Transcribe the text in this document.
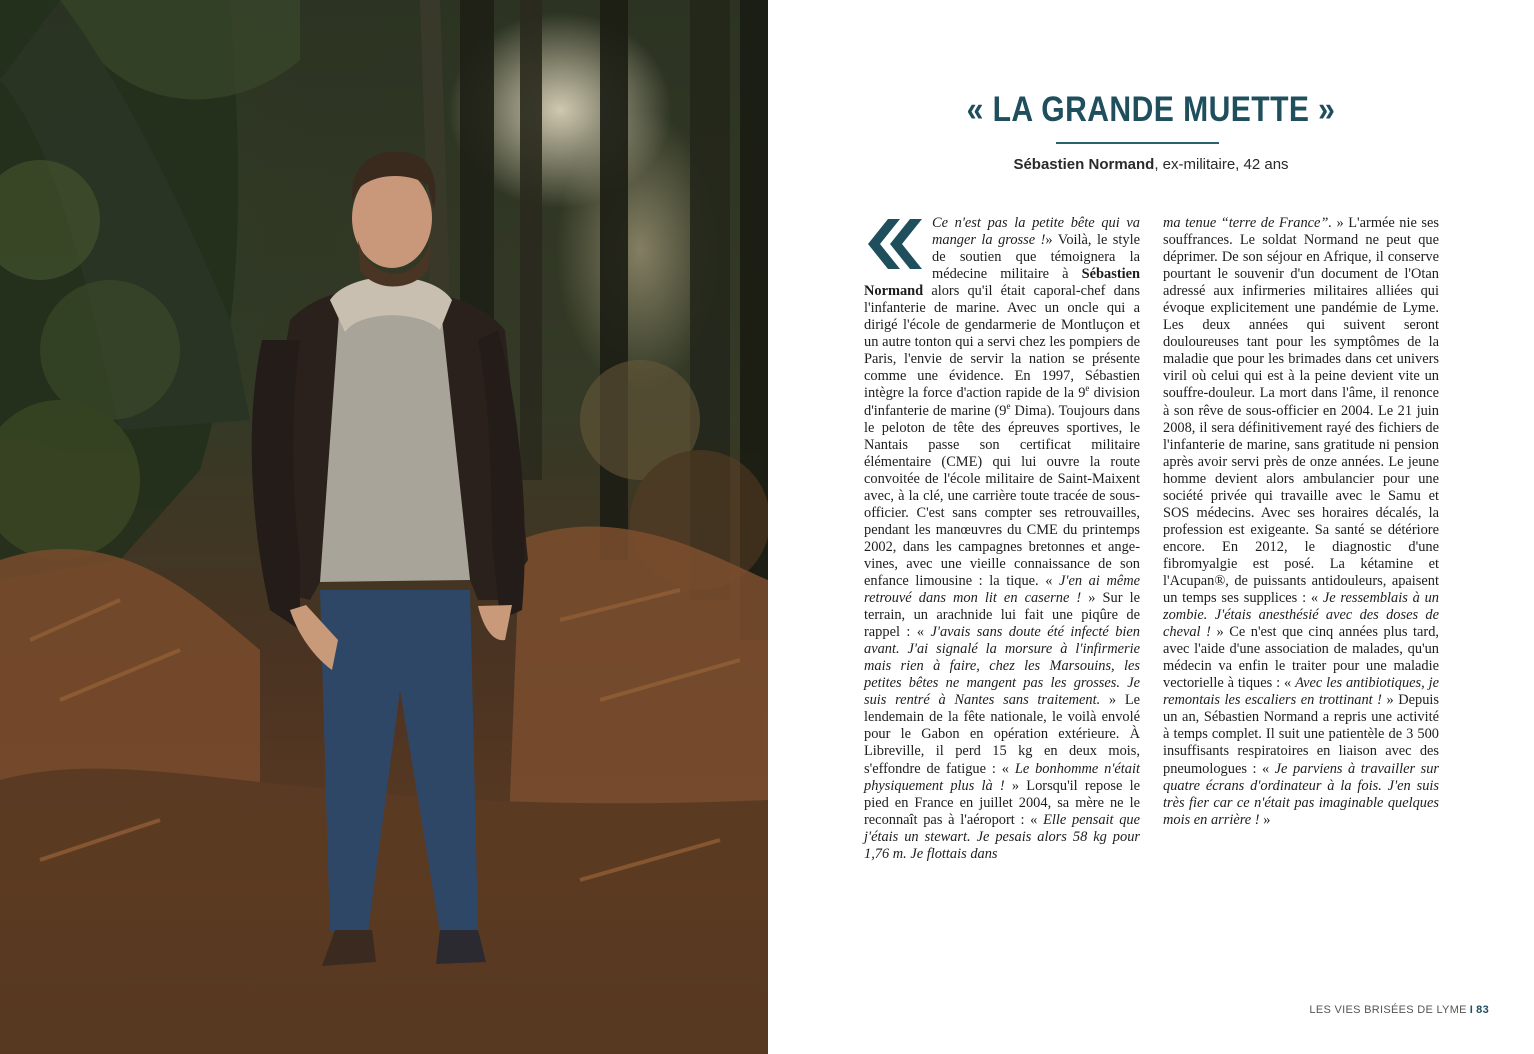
« LA GRANDE MUETTE »
Sébastien Normand, ex-militaire, 42 ans

Ce n'est pas la petite bête qui va manger la grosse !» Voilà, le style de soutien que témoignera la médecine militaire à Sébastien Normand alors qu'il était caporal-chef dans l'infanterie de marine. Avec un oncle qui a dirigé l'école de gendarmerie de Montluçon et un autre tonton qui a servi chez les pompiers de Paris, l'envie de servir la nation se présente comme une évidence. En 1997, Sébastien intègre la force d'action rapide de la 9e division d'infanterie de marine (9e Dima). Toujours dans le peloton de tête des épreuves sportives, le Nantais passe son certificat militaire élémentaire (CME) qui lui ouvre la route convoitée de l'école militaire de Saint-Maixent avec, à la clé, une carrière toute tracée de sous-officier. C'est sans compter ses retrouvailles, pendant les manœuvres du CME du printemps 2002, dans les campagnes bretonnes et angevines, avec une vieille connaissance de son enfance limousine : la tique. « J'en ai même retrouvé dans mon lit en caserne ! » Sur le terrain, un arachnide lui fait une piqûre de rappel : « J'avais sans doute été infecté bien avant. J'ai signalé la morsure à l'infirmerie mais rien à faire, chez les Marsouins, les petites bêtes ne mangent pas les grosses. Je suis rentré à Nantes sans traitement. » Le lendemain de la fête nationale, le voilà envolé pour le Gabon en opération extérieure. À Libreville, il perd 15 kg en deux mois, s'effondre de fatigue : « Le bonhomme n'était physiquement plus là ! » Lorsqu'il repose le pied en France en juillet 2004, sa mère ne le reconnaît pas à l'aéroport : « Elle pensait que j'étais un stewart. Je pesais alors 58 kg pour 1,76 m. Je flottais dans

ma tenue “terre de France”. » L'armée nie ses souffrances. Le soldat Normand ne peut que déprimer. De son séjour en Afrique, il conserve pourtant le souvenir d'un document de l'Otan adressé aux infirmeries militaires alliées qui évoque explicitement une pandémie de Lyme. Les deux années qui suivent seront douloureuses tant pour les symptômes de la maladie que pour les brimades dans cet univers viril où celui qui est à la peine devient vite un souffre-douleur. La mort dans l'âme, il renonce à son rêve de sous-officier en 2004. Le 21 juin 2008, il sera définitivement rayé des fichiers de l'infanterie de marine, sans gratitude ni pension après avoir servi près de onze années. Le jeune homme devient alors ambulancier pour une société privée qui travaille avec le Samu et SOS médecins. Avec ses horaires décalés, la profession est exigeante. Sa santé se détériore encore. En 2012, le diagnostic d'une fibromyalgie est posé. La kétamine et l'Acupan®, de puissants antidouleurs, apaisent un temps ses supplices : « Je ressemblais à un zombie. J'étais anesthésié avec des doses de cheval ! » Ce n'est que cinq années plus tard, avec l'aide d'une association de malades, qu'un médecin va enfin le traiter pour une maladie vectorielle à tiques : « Avec les antibiotiques, je remontais les escaliers en trottinant ! » Depuis un an, Sébastien Normand a repris une activité à temps complet. Il suit une patientèle de 3 500 insuffisants respiratoires en liaison avec des pneumologues : « Je parviens à travailler sur quatre écrans d'ordinateur à la fois. J'en suis très fier car ce n'était pas imaginable quelques mois en arrière ! »

LES VIES BRISÉES DE LYME I 83
